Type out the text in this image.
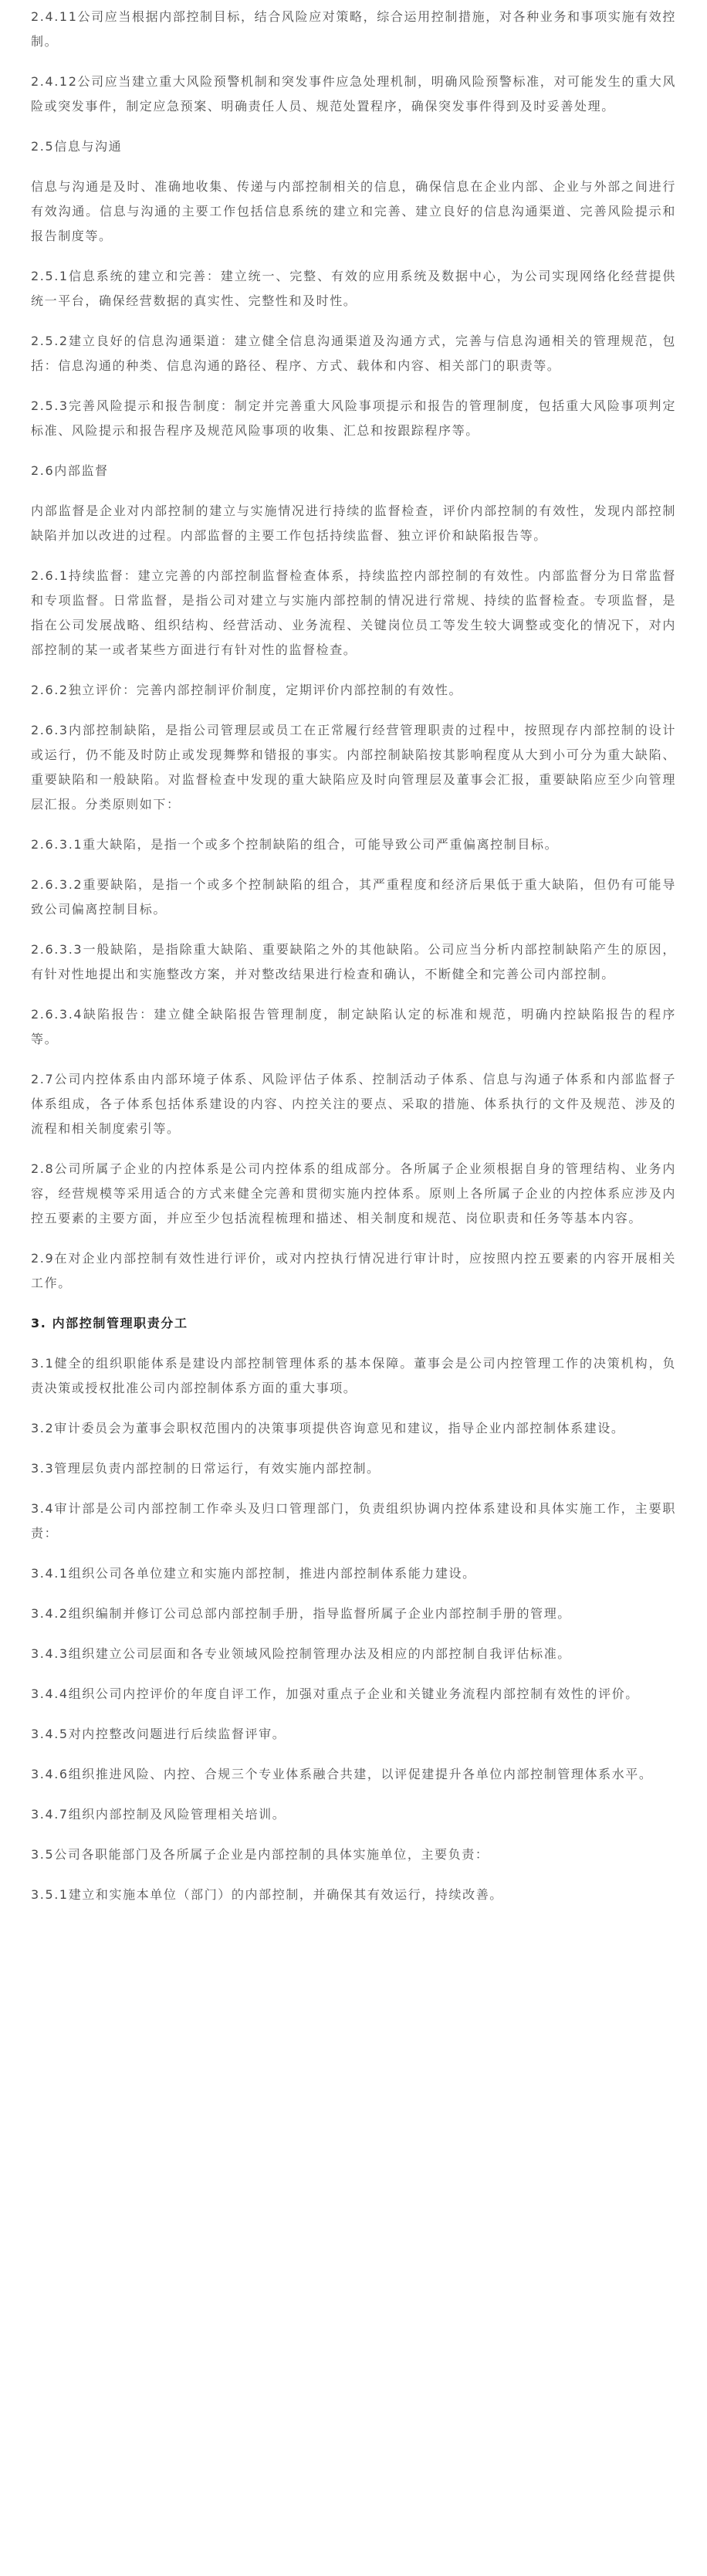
2.4.11公司应当根据内部控制目标，结合风险应对策略，综合运用控制措施，对各种业务和事项实施有效控制。

2.4.12公司应当建立重大风险预警机制和突发事件应急处理机制，明确风险预警标准，对可能发生的重大风险或突发事件，制定应急预案、明确责任人员、规范处置程序，确保突发事件得到及时妥善处理。

2.5信息与沟通

信息与沟通是及时、准确地收集、传递与内部控制相关的信息，确保信息在企业内部、企业与外部之间进行有效沟通。信息与沟通的主要工作包括信息系统的建立和完善、建立良好的信息沟通渠道、完善风险提示和报告制度等。

2.5.1信息系统的建立和完善：建立统一、完整、有效的应用系统及数据中心，为公司实现网络化经营提供统一平台，确保经营数据的真实性、完整性和及时性。

2.5.2建立良好的信息沟通渠道：建立健全信息沟通渠道及沟通方式，完善与信息沟通相关的管理规范，包括：信息沟通的种类、信息沟通的路径、程序、方式、载体和内容、相关部门的职责等。

2.5.3完善风险提示和报告制度：制定并完善重大风险事项提示和报告的管理制度，包括重大风险事项判定标准、风险提示和报告程序及规范风险事项的收集、汇总和按跟踪程序等。

2.6内部监督

内部监督是企业对内部控制的建立与实施情况进行持续的监督检查，评价内部控制的有效性，发现内部控制缺陷并加以改进的过程。内部监督的主要工作包括持续监督、独立评价和缺陷报告等。

2.6.1持续监督：建立完善的内部控制监督检查体系，持续监控内部控制的有效性。内部监督分为日常监督和专项监督。日常监督，是指公司对建立与实施内部控制的情况进行常规、持续的监督检查。专项监督，是指在公司发展战略、组织结构、经营活动、业务流程、关键岗位员工等发生较大调整或变化的情况下，对内部控制的某一或者某些方面进行有针对性的监督检查。

2.6.2独立评价：完善内部控制评价制度，定期评价内部控制的有效性。

2.6.3内部控制缺陷，是指公司管理层或员工在正常履行经营管理职责的过程中，按照现存内部控制的设计或运行，仍不能及时防止或发现舞弊和错报的事实。内部控制缺陷按其影响程度从大到小可分为重大缺陷、重要缺陷和一般缺陷。对监督检查中发现的重大缺陷应及时向管理层及董事会汇报，重要缺陷应至少向管理层汇报。分类原则如下：

2.6.3.1重大缺陷，是指一个或多个控制缺陷的组合，可能导致公司严重偏离控制目标。

2.6.3.2重要缺陷，是指一个或多个控制缺陷的组合，其严重程度和经济后果低于重大缺陷，但仍有可能导致公司偏离控制目标。

2.6.3.3一般缺陷，是指除重大缺陷、重要缺陷之外的其他缺陷。公司应当分析内部控制缺陷产生的原因，有针对性地提出和实施整改方案，并对整改结果进行检查和确认，不断健全和完善公司内部控制。

2.6.3.4缺陷报告：建立健全缺陷报告管理制度，制定缺陷认定的标准和规范，明确内控缺陷报告的程序等。

2.7公司内控体系由内部环境子体系、风险评估子体系、控制活动子体系、信息与沟通子体系和内部监督子体系组成，各子体系包括体系建设的内容、内控关注的要点、采取的措施、体系执行的文件及规范、涉及的流程和相关制度索引等。

2.8公司所属子企业的内控体系是公司内控体系的组成部分。各所属子企业须根据自身的管理结构、业务内容，经营规模等采用适合的方式来健全完善和贯彻实施内控体系。原则上各所属子企业的内控体系应涉及内控五要素的主要方面，并应至少包括流程梳理和描述、相关制度和规范、岗位职责和任务等基本内容。

2.9在对企业内部控制有效性进行评价，或对内控执行情况进行审计时，应按照内控五要素的内容开展相关工作。

3. 内部控制管理职责分工

3.1健全的组织职能体系是建设内部控制管理体系的基本保障。董事会是公司内控管理工作的决策机构，负责决策或授权批准公司内部控制体系方面的重大事项。

3.2审计委员会为董事会职权范围内的决策事项提供咨询意见和建议，指导企业内部控制体系建设。

3.3管理层负责内部控制的日常运行，有效实施内部控制。

3.4审计部是公司内部控制工作牵头及归口管理部门，负责组织协调内控体系建设和具体实施工作，主要职责：

3.4.1组织公司各单位建立和实施内部控制，推进内部控制体系能力建设。

3.4.2组织编制并修订公司总部内部控制手册，指导监督所属子企业内部控制手册的管理。

3.4.3组织建立公司层面和各专业领域风险控制管理办法及相应的内部控制自我评估标准。

3.4.4组织公司内控评价的年度自评工作，加强对重点子企业和关键业务流程内部控制有效性的评价。

3.4.5对内控整改问题进行后续监督评审。

3.4.6组织推进风险、内控、合规三个专业体系融合共建，以评促建提升各单位内部控制管理体系水平。

3.4.7组织内部控制及风险管理相关培训。

3.5公司各职能部门及各所属子企业是内部控制的具体实施单位，主要负责：

3.5.1建立和实施本单位（部门）的内部控制，并确保其有效运行，持续改善。
